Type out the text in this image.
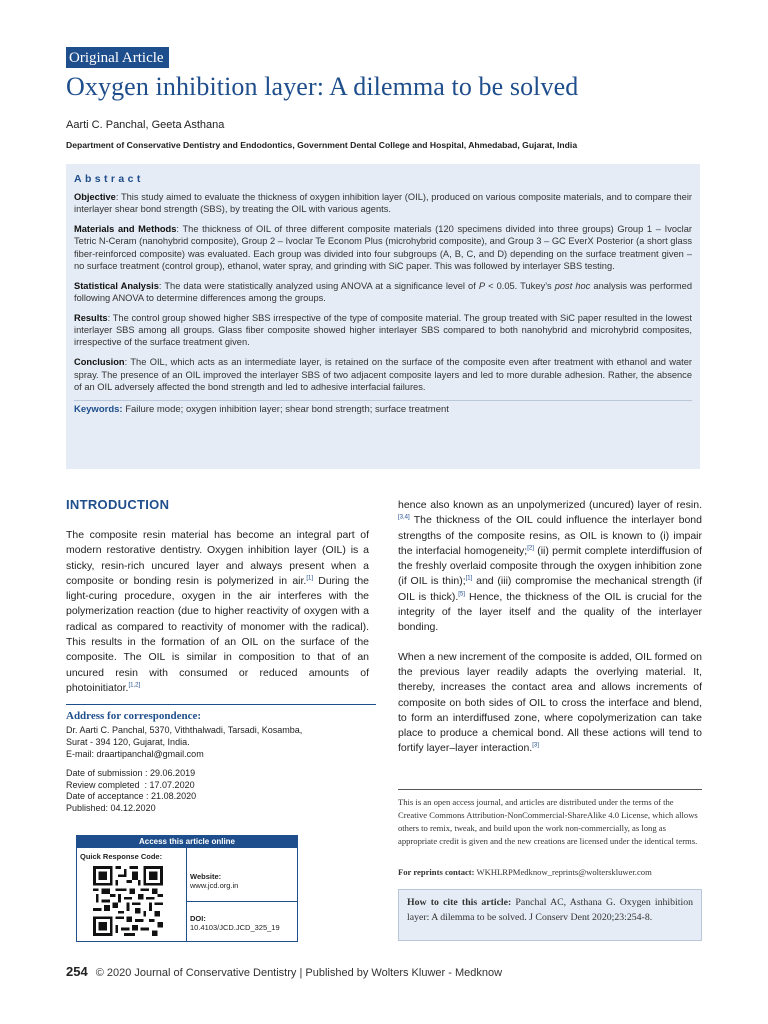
Original Article
Oxygen inhibition layer: A dilemma to be solved
Aarti C. Panchal, Geeta Asthana
Department of Conservative Dentistry and Endodontics, Government Dental College and Hospital, Ahmedabad, Gujarat, India
Abstract

Objective: This study aimed to evaluate the thickness of oxygen inhibition layer (OIL), produced on various composite materials, and to compare their interlayer shear bond strength (SBS), by treating the OIL with various agents.

Materials and Methods: The thickness of OIL of three different composite materials (120 specimens divided into three groups) Group 1 – Ivoclar Tetric N-Ceram (nanohybrid composite), Group 2 – Ivoclar Te Econom Plus (microhybrid composite), and Group 3 – GC EverX Posterior (a short glass fiber-reinforced composite) was evaluated. Each group was divided into four subgroups (A, B, C, and D) depending on the surface treatment given – no surface treatment (control group), ethanol, water spray, and grinding with SiC paper. This was followed by interlayer SBS testing.

Statistical Analysis: The data were statistically analyzed using ANOVA at a significance level of P < 0.05. Tukey’s post hoc analysis was performed following ANOVA to determine differences among the groups.

Results: The control group showed higher SBS irrespective of the type of composite material. The group treated with SiC paper resulted in the lowest interlayer SBS among all groups. Glass fiber composite showed higher interlayer SBS compared to both nanohybrid and microhybrid composites, irrespective of the surface treatment given.

Conclusion: The OIL, which acts as an intermediate layer, is retained on the surface of the composite even after treatment with ethanol and water spray. The presence of an OIL improved the interlayer SBS of two adjacent composite layers and led to more durable adhesion. Rather, the absence of an OIL adversely affected the bond strength and led to adhesive interfacial failures.

Keywords: Failure mode; oxygen inhibition layer; shear bond strength; surface treatment
INTRODUCTION

The composite resin material has become an integral part of modern restorative dentistry. Oxygen inhibition layer (OIL) is a sticky, resin-rich uncured layer and always present when a composite or bonding resin is polymerized in air.[1] During the light-curing procedure, oxygen in the air interferes with the polymerization reaction (due to higher reactivity of oxygen with a radical as compared to reactivity of monomer with the radical). This results in the formation of an OIL on the surface of the composite. The OIL is similar in composition to that of an uncured resin with consumed or reduced amounts of photoinitiator.[1,2]

hence also known as an unpolymerized (uncured) layer of resin.[3,4] The thickness of the OIL could influence the interlayer bond strengths of the composite resins, as OIL is known to (i) impair the interfacial homogeneity;[2] (ii) permit complete interdiffusion of the freshly overlaid composite through the oxygen inhibition zone (if OIL is thin);[1] and (iii) compromise the mechanical strength (if OIL is thick).[5] Hence, the thickness of the OIL is crucial for the integrity of the layer itself and the quality of the interlayer bonding.

When a new increment of the composite is added, OIL formed on the previous layer readily adapts the overlying material. It, thereby, increases the contact area and allows increments of composite on both sides of OIL to cross the interface and blend, to form an interdiffused zone, where copolymerization can take place to produce a chemical bond. All these actions will tend to fortify layer–layer interaction.[3]

Address for correspondence:
Dr. Aarti C. Panchal, 5370, Viththalwadi, Tarsadi, Kosamba,
Surat - 394 120, Gujarat, India.
E-mail: draartipanchal@gmail.com
Date of submission : 29.06.2019
Review completed  : 17.07.2020
Date of acceptance : 21.08.2020
Published: 04.12.2020
Access this article online
Quick Response Code:
Website:
www.jcd.org.in
DOI:
10.4103/JCD.JCD_325_19
This is an open access journal, and articles are distributed under the terms of the Creative Commons Attribution-NonCommercial-ShareAlike 4.0 License, which allows others to remix, tweak, and build upon the work non-commercially, as long as appropriate credit is given and the new creations are licensed under the identical terms.
For reprints contact: WKHLRPMedknow_reprints@wolterskluwer.com
How to cite this article: Panchal AC, Asthana G. Oxygen inhibition layer: A dilemma to be solved. J Conserv Dent 2020;23:254-8.
254 © 2020 Journal of Conservative Dentistry | Published by Wolters Kluwer - Medknow
